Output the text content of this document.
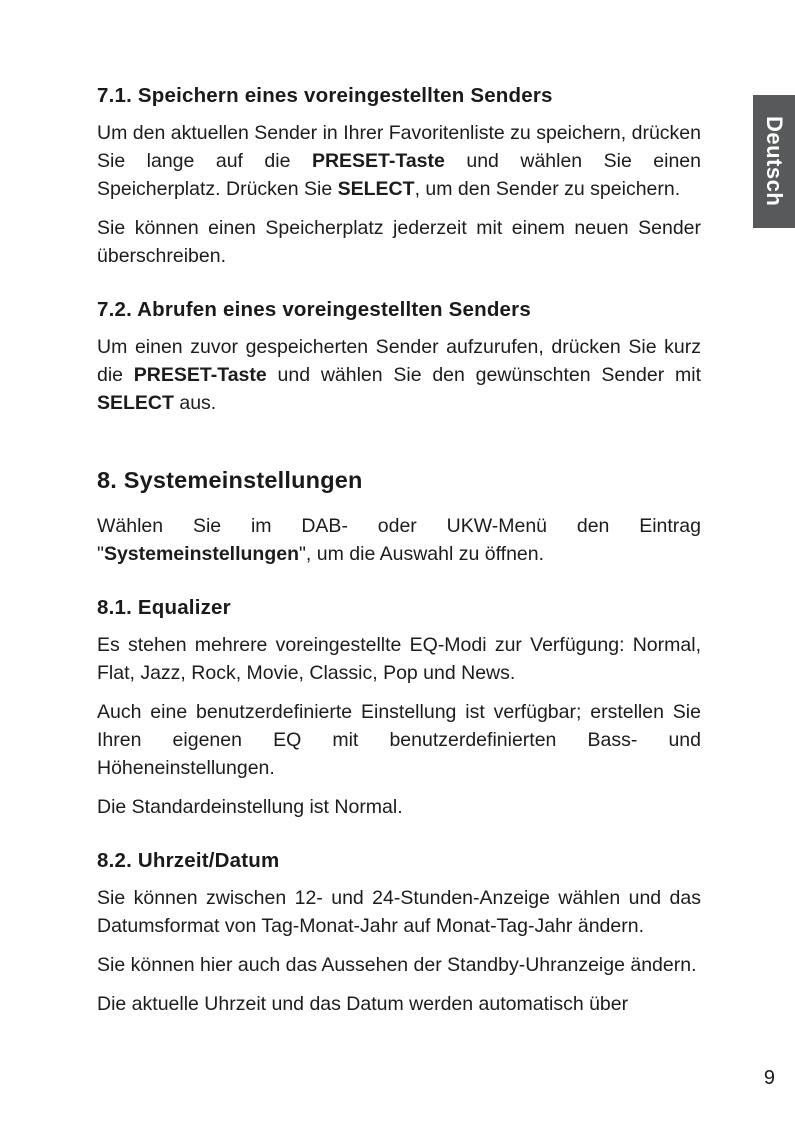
Deutsch
7.1. Speichern eines voreingestellten Senders

Um den aktuellen Sender in Ihrer Favoritenliste zu speichern, drücken Sie lange auf die PRESET-Taste und wählen Sie einen Speicherplatz. Drücken Sie SELECT, um den Sender zu speichern.

Sie können einen Speicherplatz jederzeit mit einem neuen Sender überschreiben.

7.2. Abrufen eines voreingestellten Senders

Um einen zuvor gespeicherten Sender aufzurufen, drücken Sie kurz die PRESET-Taste und wählen Sie den gewünschten Sender mit SELECT aus.

8. Systemeinstellungen

Wählen Sie im DAB- oder UKW-Menü den Eintrag "Systemeinstellungen", um die Auswahl zu öffnen.

8.1. Equalizer

Es stehen mehrere voreingestellte EQ-Modi zur Verfügung: Normal, Flat, Jazz, Rock, Movie, Classic, Pop und News.

Auch eine benutzerdefinierte Einstellung ist verfügbar; erstellen Sie Ihren eigenen EQ mit benutzerdefinierten Bass- und Höheneinstellungen.

Die Standardeinstellung ist Normal.

8.2. Uhrzeit/Datum

Sie können zwischen 12- und 24-Stunden-Anzeige wählen und das Datumsformat von Tag-Monat-Jahr auf Monat-Tag-Jahr ändern.

Sie können hier auch das Aussehen der Standby-Uhranzeige ändern.

Die aktuelle Uhrzeit und das Datum werden automatisch über

9
